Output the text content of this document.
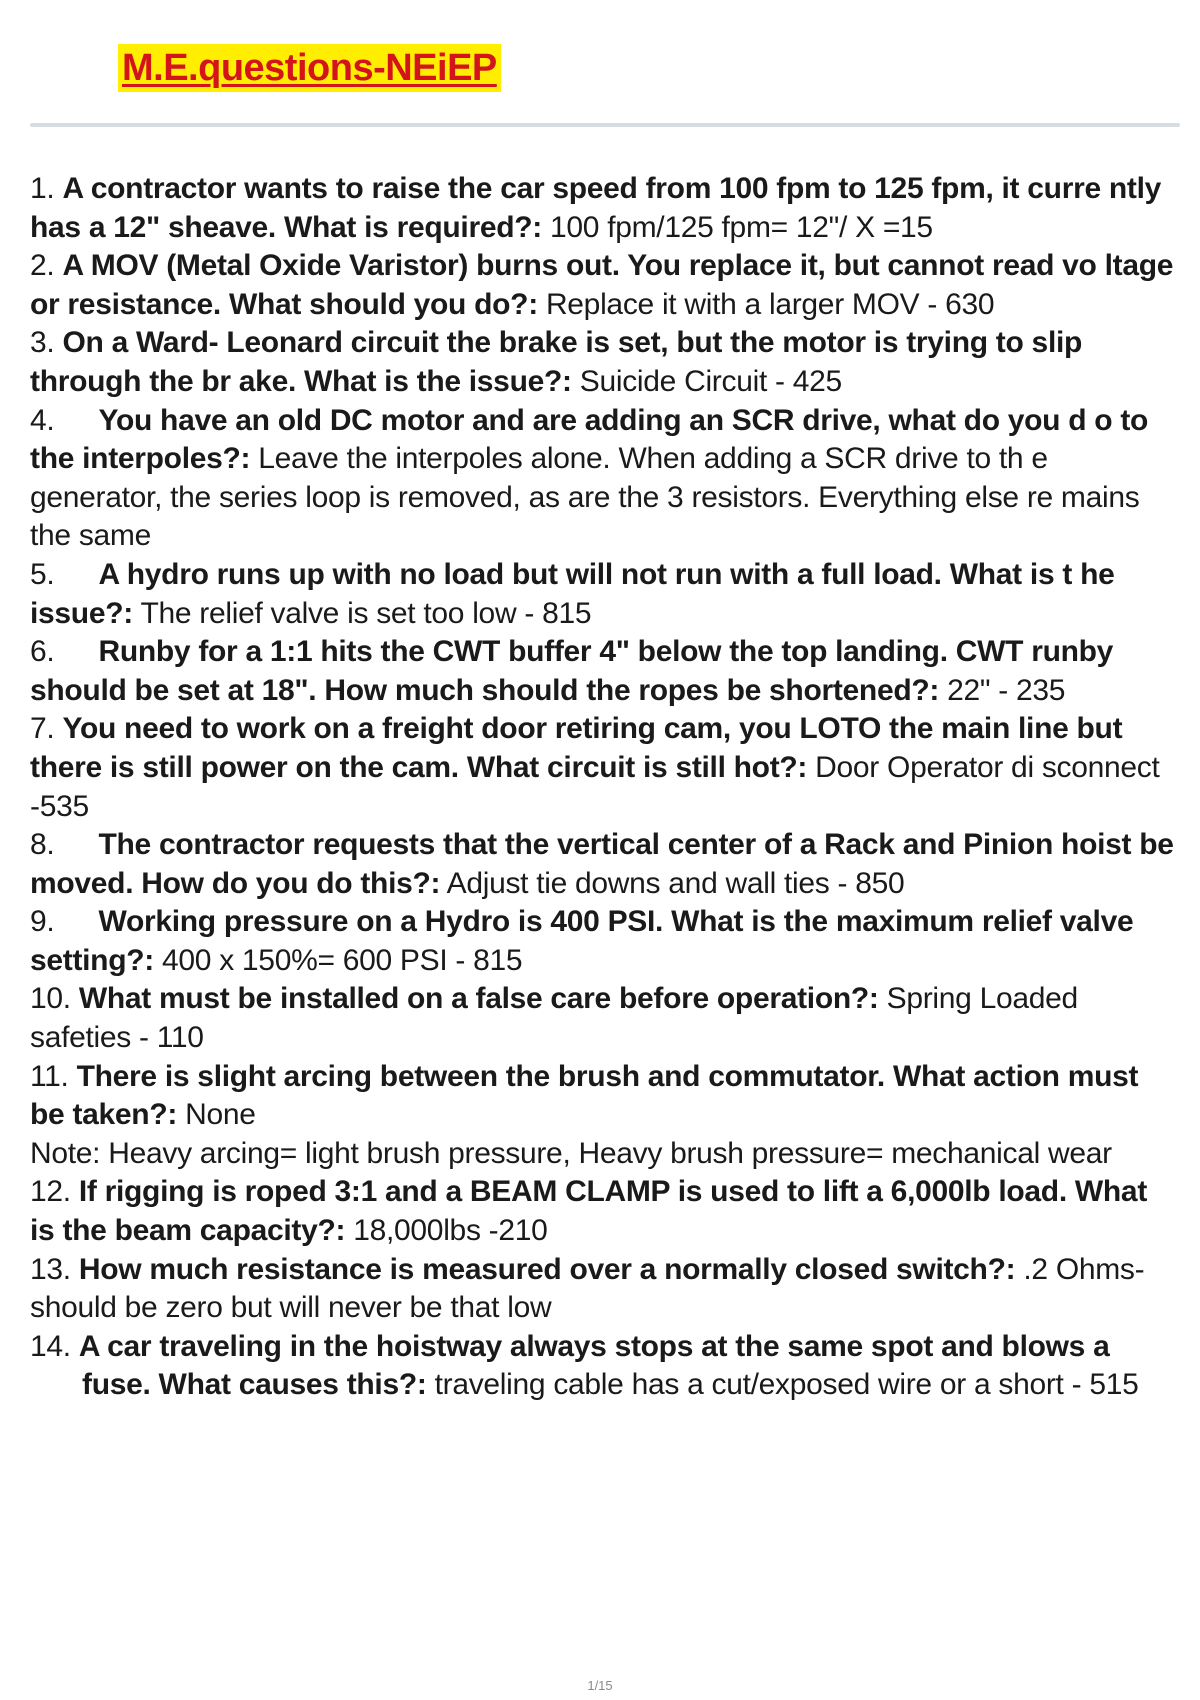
M.E.questions-NEiEP

1. A contractor wants to raise the car speed from 100 fpm to 125 fpm, it curre ntly has a 12" sheave. What is required?: 100 fpm/125 fpm= 12"/ X =15

2. A MOV (Metal Oxide Varistor) burns out. You replace it, but cannot read vo ltage or resistance. What should you do?: Replace it with a larger MOV - 630

3. On a Ward- Leonard circuit the brake is set, but the motor is trying to slip through the br ake. What is the issue?: Suicide Circuit - 425

4. You have an old DC motor and are adding an SCR drive, what do you d o to the interpoles?: Leave the interpoles alone. When adding a SCR drive to th e generator, the series loop is removed, as are the 3 resistors. Everything else re mains the same

5. A hydro runs up with no load but will not run with a full load. What is t he issue?: The relief valve is set too low - 815

6. Runby for a 1:1 hits the CWT buffer 4" below the top landing. CWT runby should be set at 18". How much should the ropes be shortened?: 22" - 235

7. You need to work on a freight door retiring cam, you LOTO the main line but there is still power on the cam. What circuit is still hot?: Door Operator di sconnect -535

8. The contractor requests that the vertical center of a Rack and Pinion hoist be moved. How do you do this?: Adjust tie downs and wall ties - 850

9. Working pressure on a Hydro is 400 PSI. What is the maximum relief valve setting?: 400 x 150%= 600 PSI - 815

10. What must be installed on a false care before operation?: Spring Loaded safeties - 110

11. There is slight arcing between the brush and commutator. What action must be taken?: None

Note: Heavy arcing= light brush pressure, Heavy brush pressure= mechanical wear

12. If rigging is roped 3:1 and a BEAM CLAMP is used to lift a 6,000lb load. What is the beam capacity?: 18,000lbs -210

13. How much resistance is measured over a normally closed switch?: .2 Ohms- should be zero but will never be that low

14. A car traveling in the hoistway always stops at the same spot and blows a fuse. What causes this?: traveling cable has a cut/exposed wire or a short - 515

1/15
